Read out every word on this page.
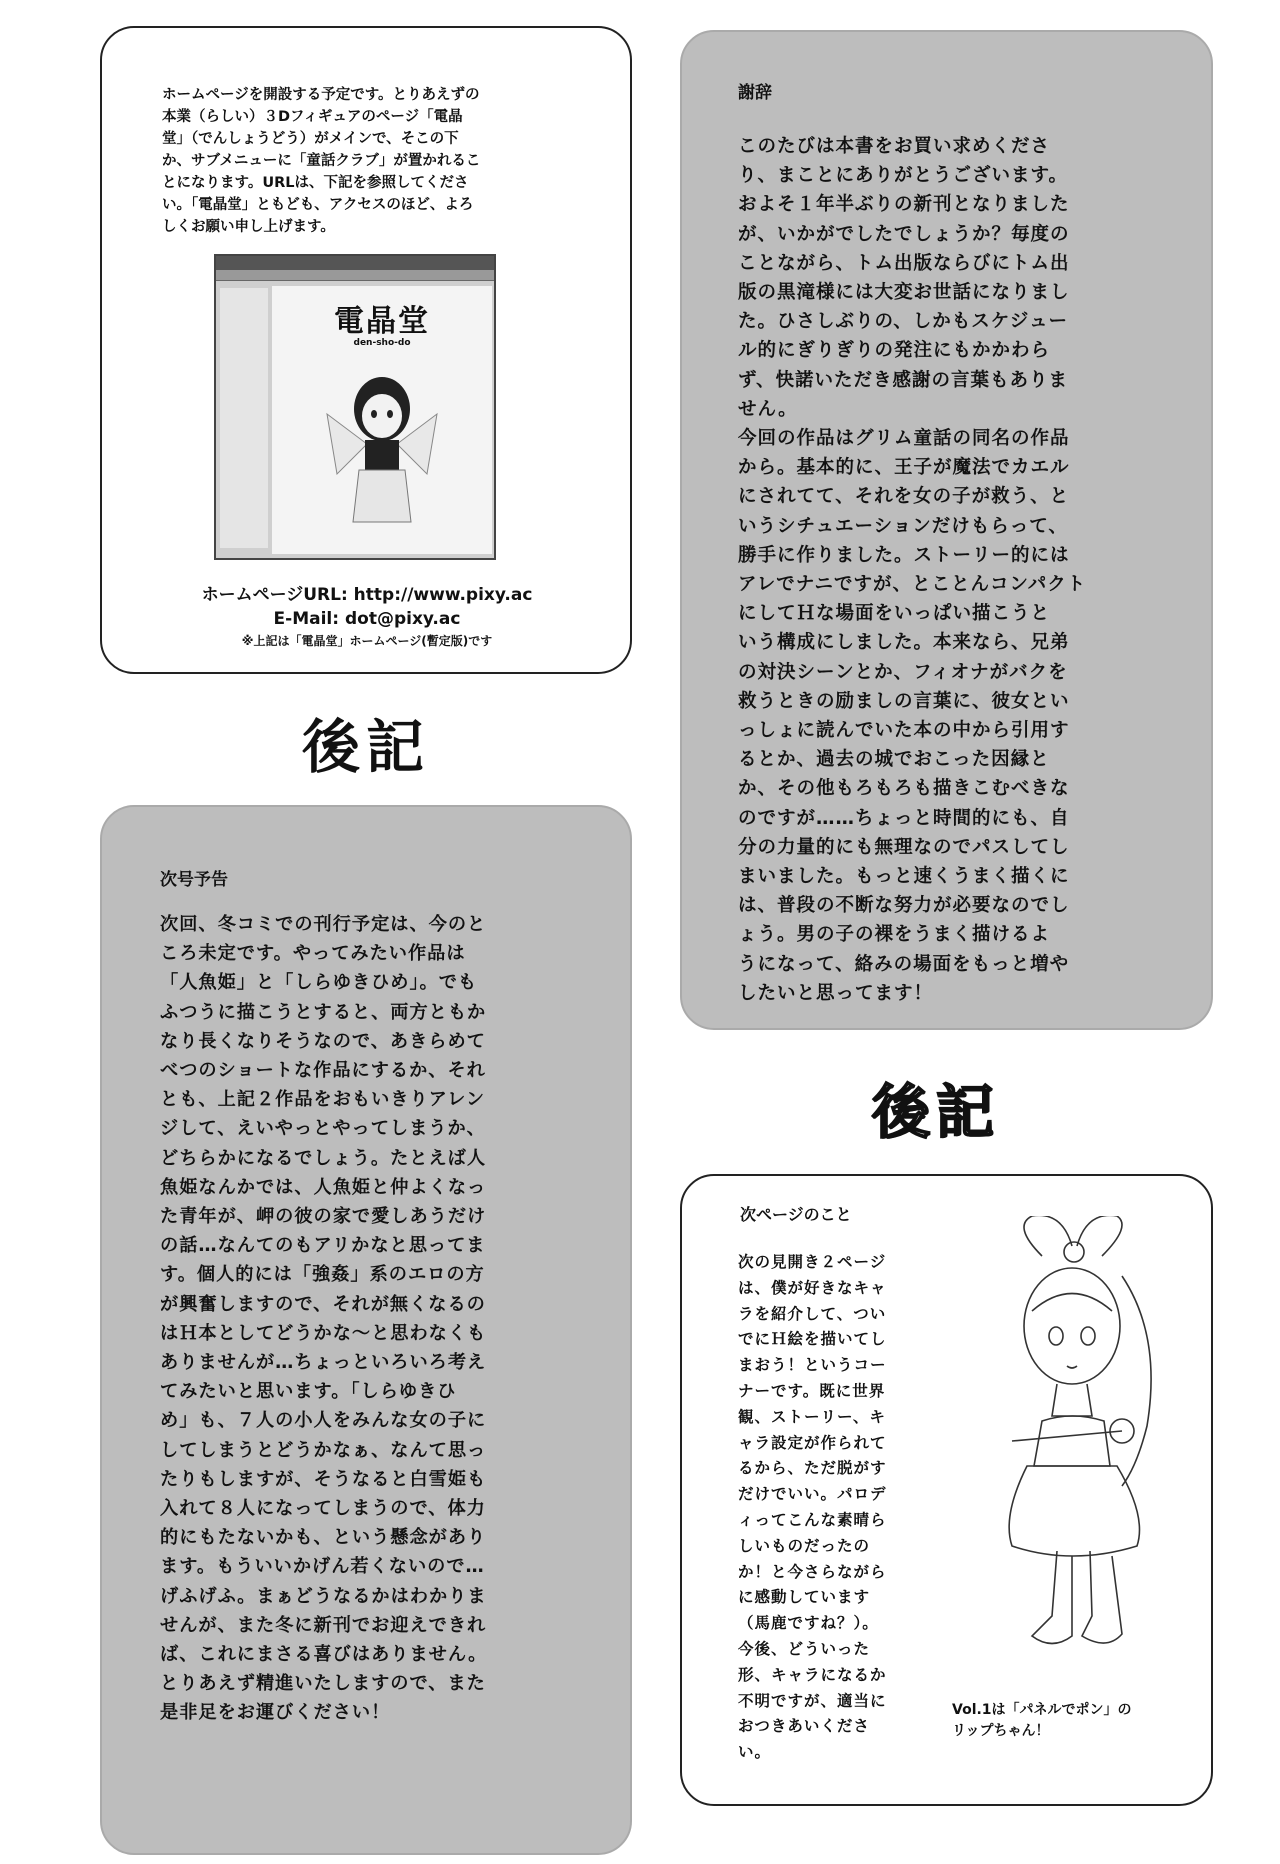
ホームページを開設する予定です。とりあえずの
本業（らしい）３Dフィギュアのページ「電晶
堂」（でんしょうどう）がメインで、そこの下
か、サブメニューに「童話クラブ」が置かれるこ
とになります。URLは、下記を参照してくださ
い。「電晶堂」ともども、アクセスのほど、よろ
しくお願い申し上げます。
電晶堂
den-sho-do
ホームページURL: http://www.pixy.ac
E-Mail: dot@pixy.ac
※上記は「電晶堂」ホームページ(暫定版)です
後記
謝辞
このたびは本書をお買い求めくださ
り、まことにありがとうございます。
およそ１年半ぶりの新刊となりました
が、いかがでしたでしょうか？毎度の
ことながら、トム出版ならびにトム出
版の黒滝様には大変お世話になりまし
た。ひさしぶりの、しかもスケジュー
ル的にぎりぎりの発注にもかかわら
ず、快諾いただき感謝の言葉もありま
せん。
今回の作品はグリム童話の同名の作品
から。基本的に、王子が魔法でカエル
にされてて、それを女の子が救う、と
いうシチュエーションだけもらって、
勝手に作りました。ストーリー的には
アレでナニですが、とことんコンパクト
にしてＨな場面をいっぱい描こうと
いう構成にしました。本来なら、兄弟
の対決シーンとか、フィオナがバクを
救うときの励ましの言葉に、彼女とい
っしょに読んでいた本の中から引用す
るとか、過去の城でおこった因縁と
か、その他もろもろも描きこむべきな
のですが……ちょっと時間的にも、自
分の力量的にも無理なのでパスしてし
まいました。もっと速くうまく描くに
は、普段の不断な努力が必要なのでし
ょう。男の子の裸をうまく描けるよ
うになって、絡みの場面をもっと増や
したいと思ってます！
後記
次号予告
次回、冬コミでの刊行予定は、今のと
ころ未定です。やってみたい作品は
「人魚姫」と「しらゆきひめ」。でも
ふつうに描こうとすると、両方ともか
なり長くなりそうなので、あきらめて
べつのショートな作品にするか、それ
とも、上記２作品をおもいきりアレン
ジして、えいやっとやってしまうか、
どちらかになるでしょう。たとえば人
魚姫なんかでは、人魚姫と仲よくなっ
た青年が、岬の彼の家で愛しあうだけ
の話…なんてのもアリかなと思ってま
す。個人的には「強姦」系のエロの方
が興奮しますので、それが無くなるの
はＨ本としてどうかな〜と思わなくも
ありませんが…ちょっといろいろ考え
てみたいと思います。「しらゆきひ
め」も、７人の小人をみんな女の子に
してしまうとどうかなぁ、なんて思っ
たりもしますが、そうなると白雪姫も
入れて８人になってしまうので、体力
的にもたないかも、という懸念があり
ます。もういいかげん若くないので…
げふげふ。まぁどうなるかはわかりま
せんが、また冬に新刊でお迎えできれ
ば、これにまさる喜びはありません。
とりあえず精進いたしますので、また
是非足をお運びください！
次ページのこと
次の見開き２ページ
は、僕が好きなキャ
ラを紹介して、つい
でにＨ絵を描いてし
まおう！というコー
ナーです。既に世界
観、ストーリー、キ
ャラ設定が作られて
るから、ただ脱がす
だけでいい。パロデ
ィってこんな素晴ら
しいものだったの
か！と今さらながら
に感動しています
（馬鹿ですね？）。
今後、どういった
形、キャラになるか
不明ですが、適当に
おつきあいくださ
い。
Vol.1は「パネルでポン」の
リップちゃん！
